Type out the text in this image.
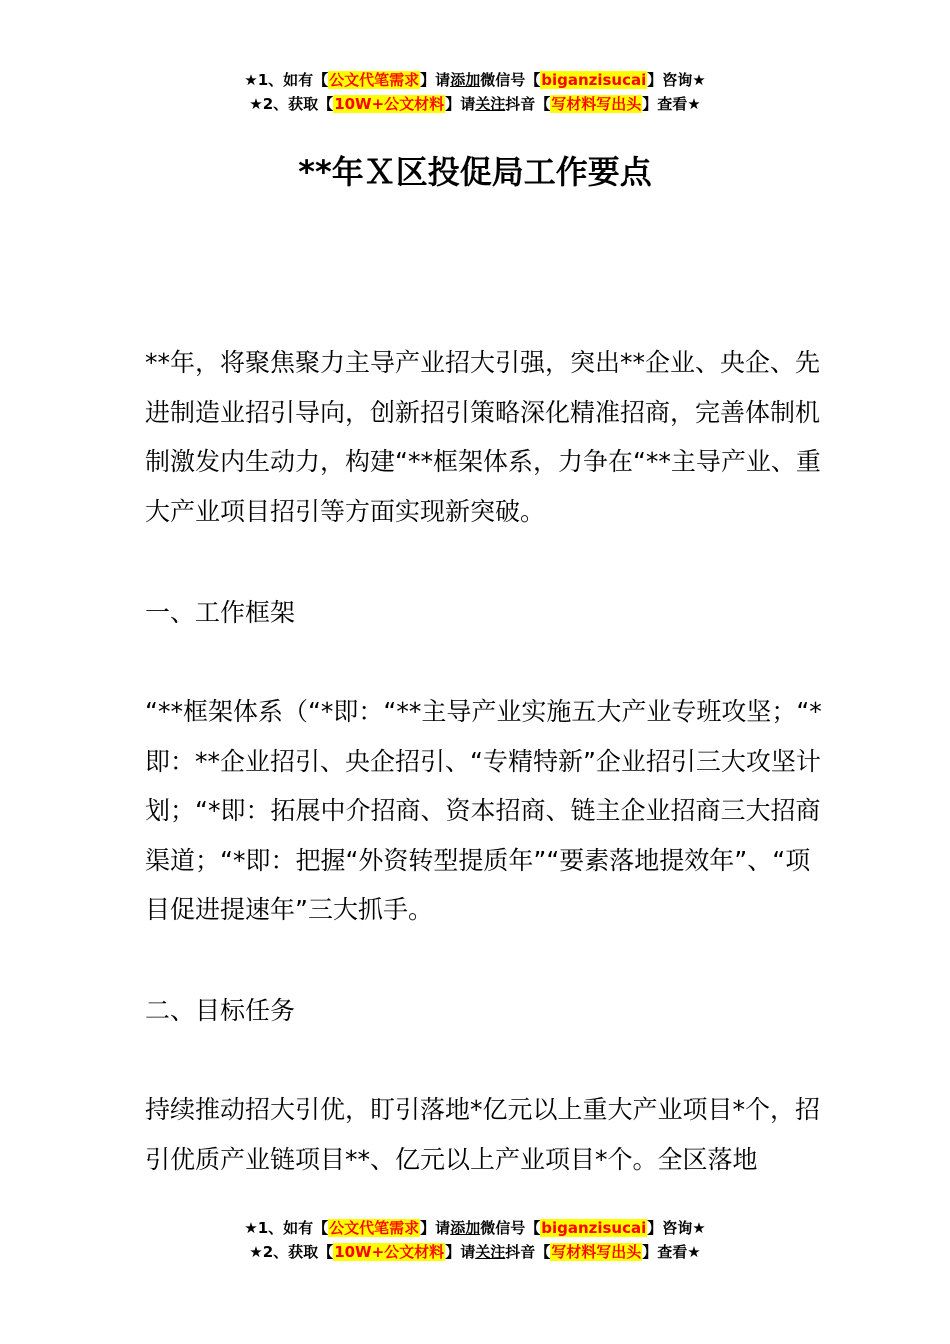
★1、如有【公文代笔需求】请添加微信号【biganzisucai】咨询★
★2、获取【10W+公文材料】请关注抖音【写材料写出头】查看★
**年Ｘ区投促局工作要点

**年，将聚焦聚力主导产业招大引强，突出**企业、央企、先进制造业招引导向，创新招引策略深化精准招商，完善体制机制激发内生动力，构建“**框架体系，力争在“**主导产业、重大产业项目招引等方面实现新突破。

一、工作框架

“**框架体系（“*即：“**主导产业实施五大产业专班攻坚；“*即：**企业招引、央企招引、“专精特新”企业招引三大攻坚计划；“*即：拓展中介招商、资本招商、链主企业招商三大招商渠道；“*即：把握“外资转型提质年”“要素落地提效年”、“项目促进提速年”三大抓手。

二、目标任务

持续推动招大引优，盯引落地*亿元以上重大产业项目*个，招引优质产业链项目**、亿元以上产业项目*个。全区落地

★1、如有【公文代笔需求】请添加微信号【biganzisucai】咨询★
★2、获取【10W+公文材料】请关注抖音【写材料写出头】查看★
